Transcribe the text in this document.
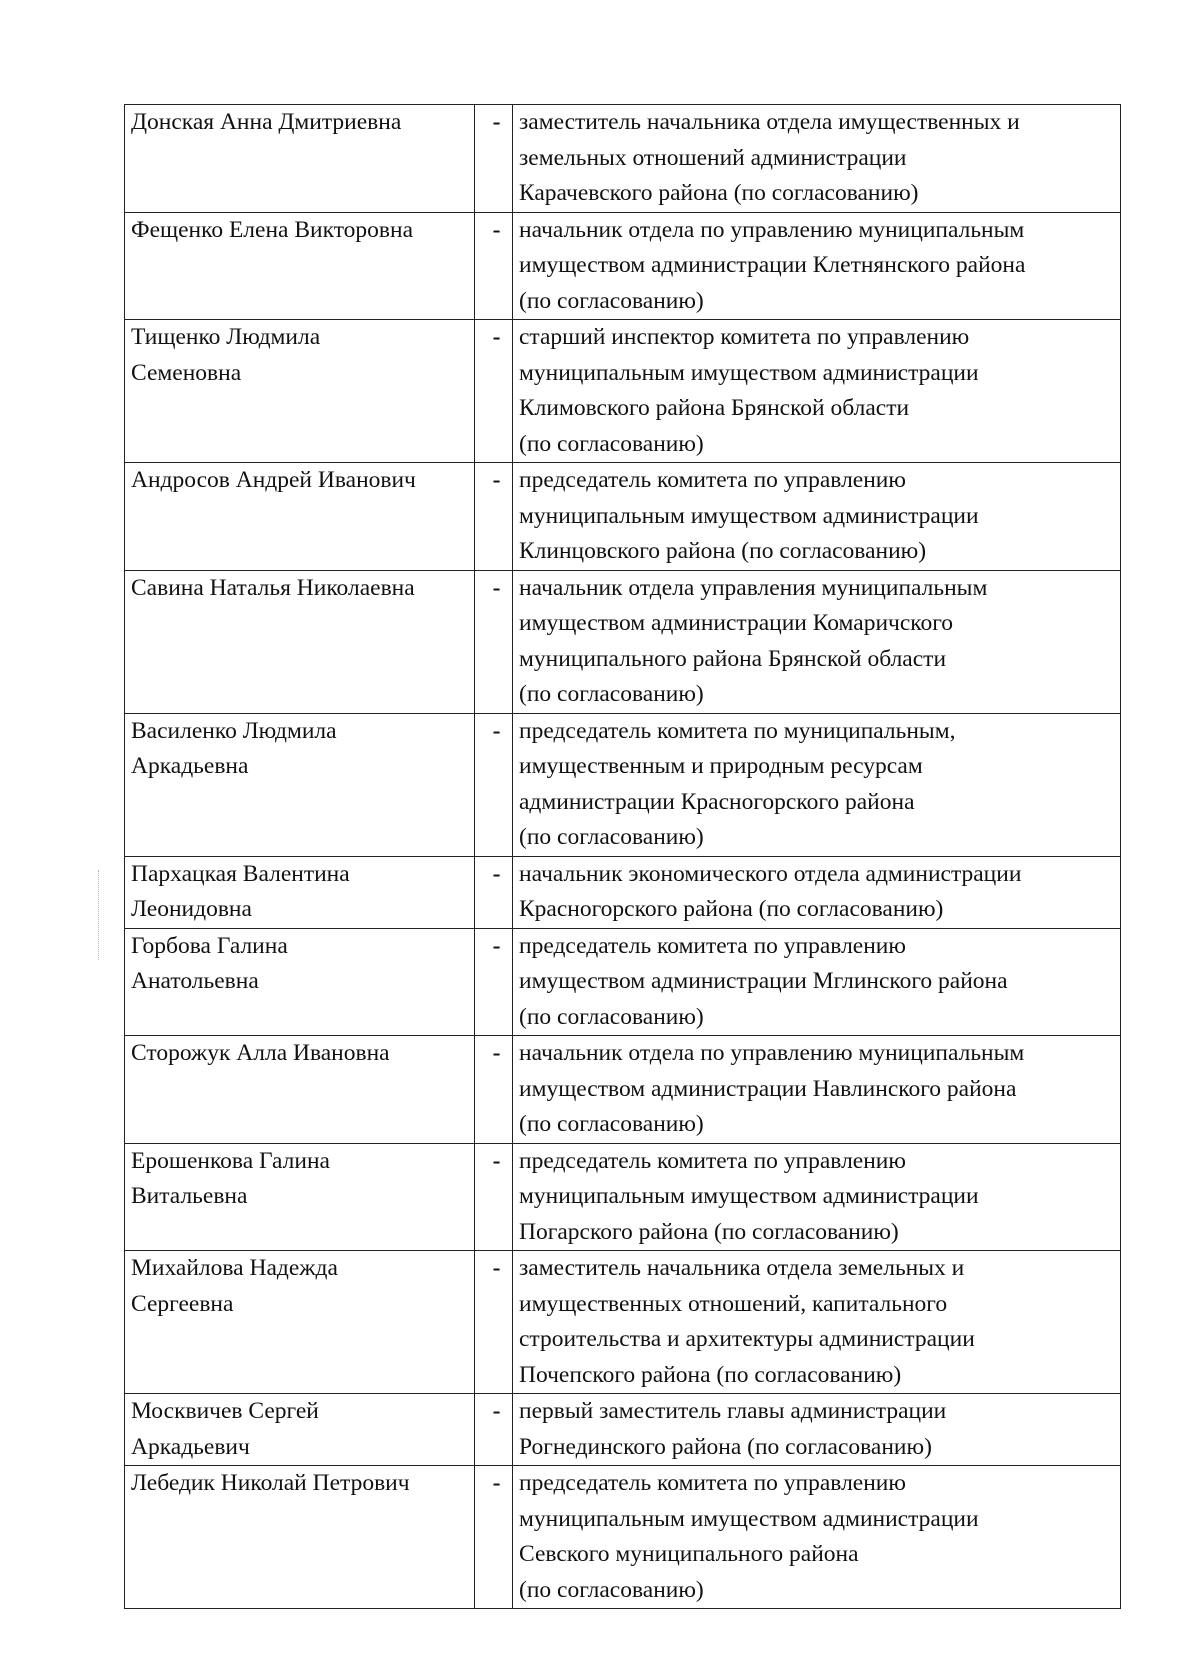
Донская Анна Дмитриевна	-	заместитель начальника отдела имущественных и
земельных отношений администрации
Карачевского района (по согласованию)

Фещенко Елена Викторовна	-	начальник отдела по управлению муниципальным
имуществом администрации Клетнянского района
(по согласованию)

Тищенко Людмила
Семеновна	-	старший инспектор комитета по управлению
муниципальным имуществом администрации
Климовского района Брянской области
(по согласованию)

Андросов Андрей Иванович	-	председатель комитета по управлению
муниципальным имуществом администрации
Клинцовского района (по согласованию)

Савина Наталья Николаевна	-	начальник отдела управления муниципальным
имуществом администрации Комаричского
муниципального района Брянской области
(по согласованию)

Василенко Людмила
Аркадьевна	-	председатель комитета по муниципальным,
имущественным и природным ресурсам
администрации Красногорского района
(по согласованию)

Пархацкая Валентина
Леонидовна	-	начальник экономического отдела администрации
Красногорского района (по согласованию)

Горбова Галина
Анатольевна	-	председатель комитета по управлению
имуществом администрации Мглинского района
(по согласованию)

Сторожук Алла Ивановна	-	начальник отдела по управлению муниципальным
имуществом администрации Навлинского района
(по согласованию)

Ерошенкова Галина
Витальевна	-	председатель комитета по управлению
муниципальным имуществом администрации
Погарского района (по согласованию)

Михайлова Надежда
Сергеевна	-	заместитель начальника отдела земельных и
имущественных отношений, капитального
строительства и архитектуры администрации
Почепского района (по согласованию)

Москвичев Сергей
Аркадьевич	-	первый заместитель главы администрации
Рогнединского района (по согласованию)

Лебедик Николай Петрович	-	председатель комитета по управлению
муниципальным имуществом администрации
Севского муниципального района
(по согласованию)
